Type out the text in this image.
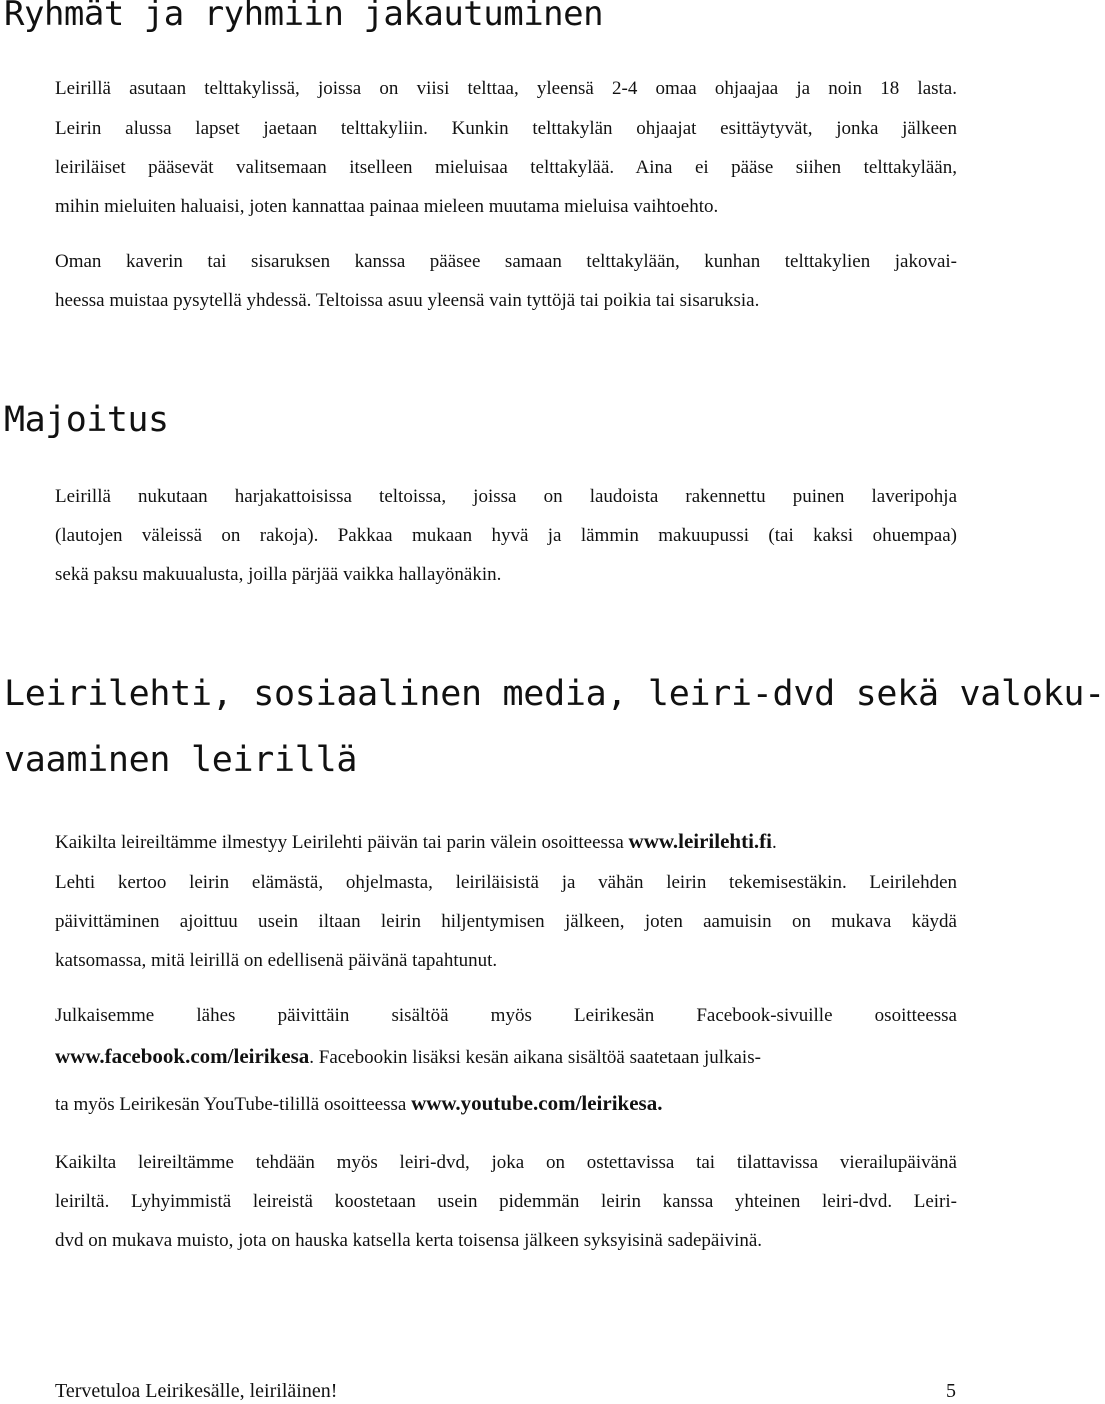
Ryhmät ja ryhmiin jakautuminen
Leirillä asutaan telttakylissä, joissa on viisi telttaa, yleensä 2-4 omaa ohjaajaa ja noin 18 lasta.
Leirin alussa lapset jaetaan telttakyliin. Kunkin telttakylän ohjaajat esittäytyvät, jonka jälkeen
leiriläiset pääsevät valitsemaan itselleen mieluisaa telttakylää. Aina ei pääse siihen telttakylään,
mihin mieluiten haluaisi, joten kannattaa painaa mieleen muutama mieluisa vaihtoehto.
Oman kaverin tai sisaruksen kanssa pääsee samaan telttakylään, kunhan telttakylien jakovai-
heessa muistaa pysytellä yhdessä. Teltoissa asuu yleensä vain tyttöjä tai poikia tai sisaruksia.
Majoitus
Leirillä nukutaan harjakattoisissa teltoissa, joissa on laudoista rakennettu puinen laveripohja
(lautojen väleissä on rakoja). Pakkaa mukaan hyvä ja lämmin makuupussi (tai kaksi ohuempaa)
sekä paksu makuualusta, joilla pärjää vaikka hallayönäkin.
Leirilehti, sosiaalinen media, leiri-dvd sekä valoku-
vaaminen leirillä
Kaikilta leireiltämme ilmestyy Leirilehti päivän tai parin välein osoitteessa www.leirilehti.fi.
Lehti kertoo leirin elämästä, ohjelmasta, leiriläisistä ja vähän leirin tekemisestäkin. Leirilehden
päivittäminen ajoittuu usein iltaan leirin hiljentymisen jälkeen, joten aamuisin on mukava käydä
katsomassa, mitä leirillä on edellisenä päivänä tapahtunut.
Julkaisemme lähes päivittäin sisältöä myös Leirikesän Facebook-sivuille osoitteessa
www.facebook.com/leirikesa. Facebookin lisäksi kesän aikana sisältöä saatetaan julkais-
ta myös Leirikesän YouTube-tilillä osoitteessa www.youtube.com/leirikesa.
Kaikilta leireiltämme tehdään myös leiri-dvd, joka on ostettavissa tai tilattavissa vierailupäivänä
leiriltä. Lyhyimmistä leireistä koostetaan usein pidemmän leirin kanssa yhteinen leiri-dvd. Leiri-
dvd on mukava muisto, jota on hauska katsella kerta toisensa jälkeen syksyisinä sadepäivinä.
Tervetuloa Leirikesälle, leiriläinen!	5
